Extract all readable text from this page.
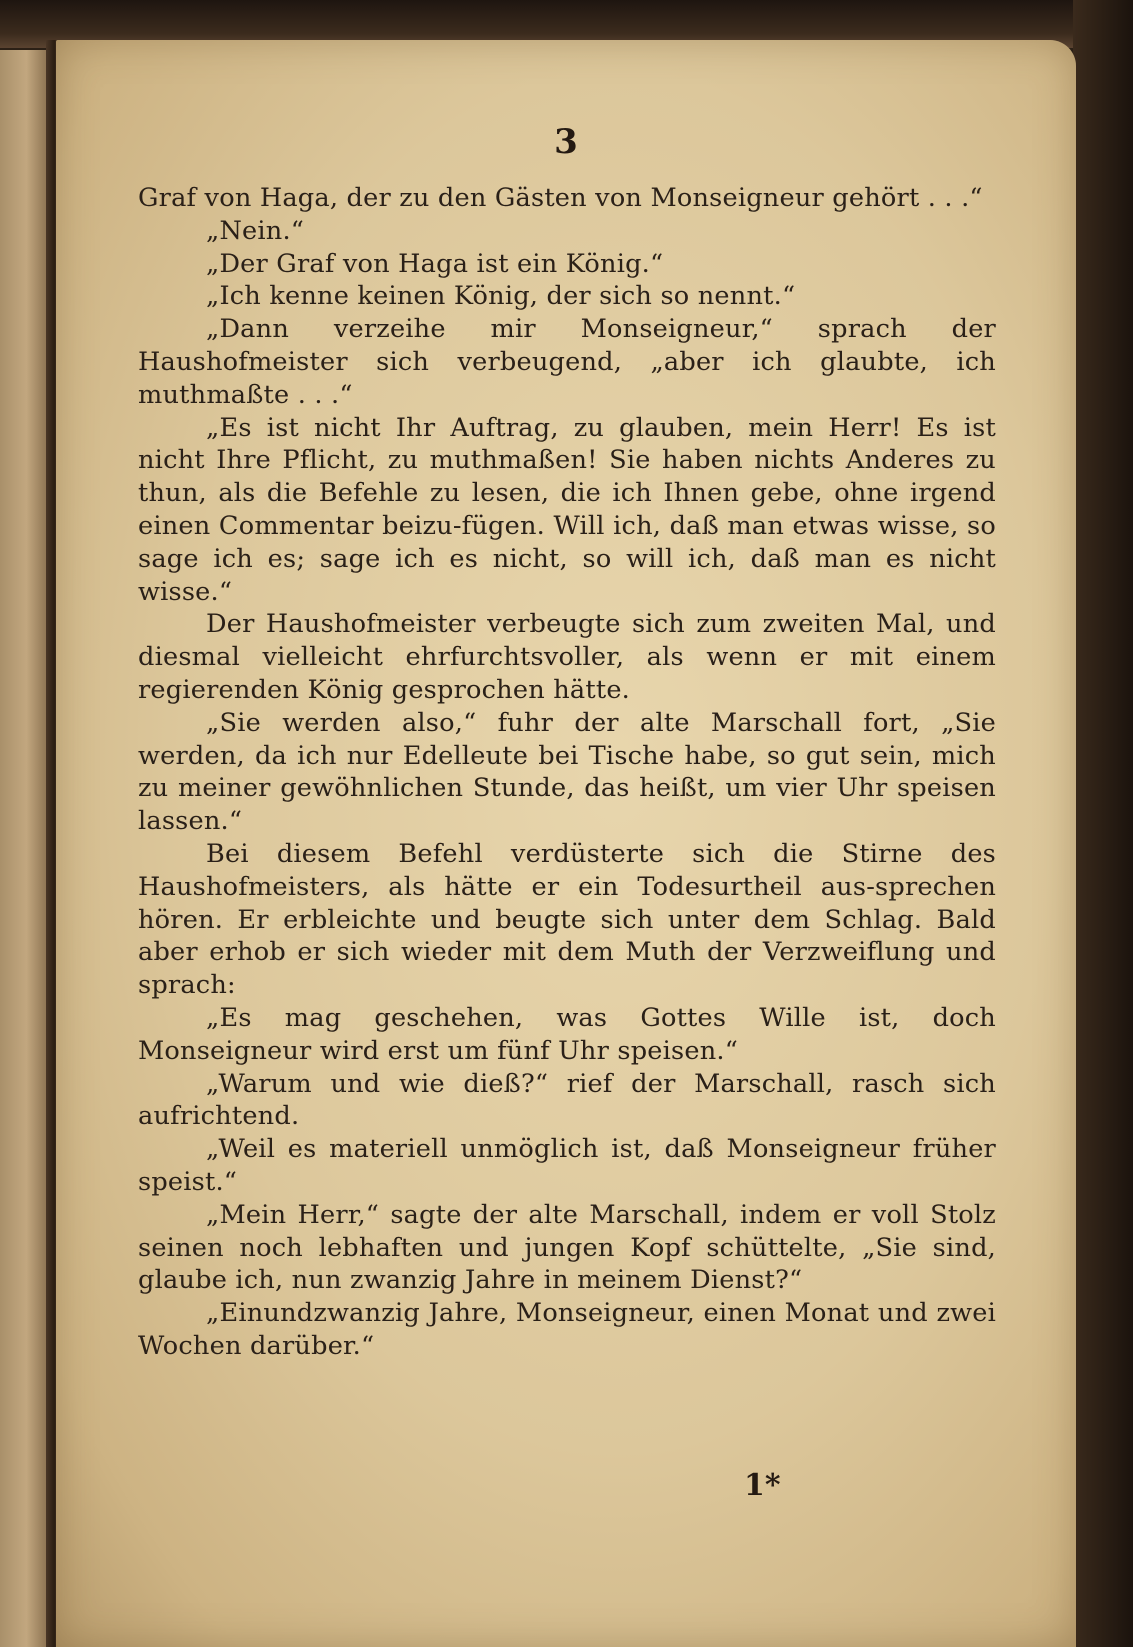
3

Graf von Haga, der zu den Gästen von Monseigneur gehört . . .“

„Nein.“

„Der Graf von Haga ist ein König.“

„Ich kenne keinen König, der sich so nennt.“

„Dann verzeihe mir Monseigneur,“ sprach der Haushofmeister sich verbeugend, „aber ich glaubte, ich muthmaßte . . .“

„Es ist nicht Ihr Auftrag, zu glauben, mein Herr! Es ist nicht Ihre Pflicht, zu muthmaßen! Sie haben nichts Anderes zu thun, als die Befehle zu lesen, die ich Ihnen gebe, ohne irgend einen Commentar beizu-fügen. Will ich, daß man etwas wisse, so sage ich es; sage ich es nicht, so will ich, daß man es nicht wisse.“

Der Haushofmeister verbeugte sich zum zweiten Mal, und diesmal vielleicht ehrfurchtsvoller, als wenn er mit einem regierenden König gesprochen hätte.

„Sie werden also,“ fuhr der alte Marschall fort, „Sie werden, da ich nur Edelleute bei Tische habe, so gut sein, mich zu meiner gewöhnlichen Stunde, das heißt, um vier Uhr speisen lassen.“

Bei diesem Befehl verdüsterte sich die Stirne des Haushofmeisters, als hätte er ein Todesurtheil aus-sprechen hören. Er erbleichte und beugte sich unter dem Schlag. Bald aber erhob er sich wieder mit dem Muth der Verzweiflung und sprach:

„Es mag geschehen, was Gottes Wille ist, doch Monseigneur wird erst um fünf Uhr speisen.“

„Warum und wie dieß?“ rief der Marschall, rasch sich aufrichtend.

„Weil es materiell unmöglich ist, daß Monseigneur früher speist.“

„Mein Herr,“ sagte der alte Marschall, indem er voll Stolz seinen noch lebhaften und jungen Kopf schüttelte, „Sie sind, glaube ich, nun zwanzig Jahre in meinem Dienst?“

„Einundzwanzig Jahre, Monseigneur, einen Monat und zwei Wochen darüber.“

1*
